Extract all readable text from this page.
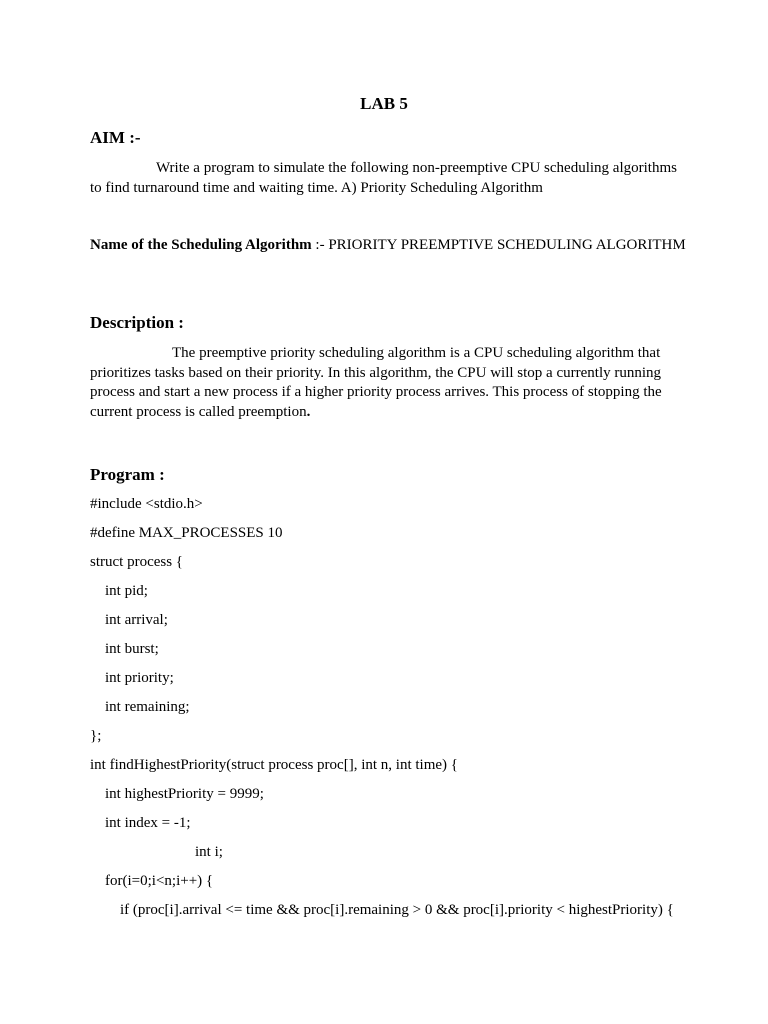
LAB 5
AIM :-
Write a program to simulate the following non-preemptive CPU scheduling algorithms to find turnaround time and waiting time. A) Priority Scheduling Algorithm
Name of the Scheduling Algorithm :- PRIORITY PREEMPTIVE SCHEDULING ALGORITHM
Description :
The preemptive priority scheduling algorithm is a CPU scheduling algorithm that prioritizes tasks based on their priority. In this algorithm, the CPU will stop a currently running process and start a new process if a higher priority process arrives. This process of stopping the current process is called preemption.
Program :

#include <stdio.h>

#define MAX_PROCESSES 10

struct process {

int pid;

int arrival;

int burst;

int priority;

int remaining;

};

int findHighestPriority(struct process proc[], int n, int time) {

int highestPriority = 9999;

int index = -1;

int i;

for(i=0;i<n;i++) {

if (proc[i].arrival <= time && proc[i].remaining > 0 && proc[i].priority < highestPriority) {
